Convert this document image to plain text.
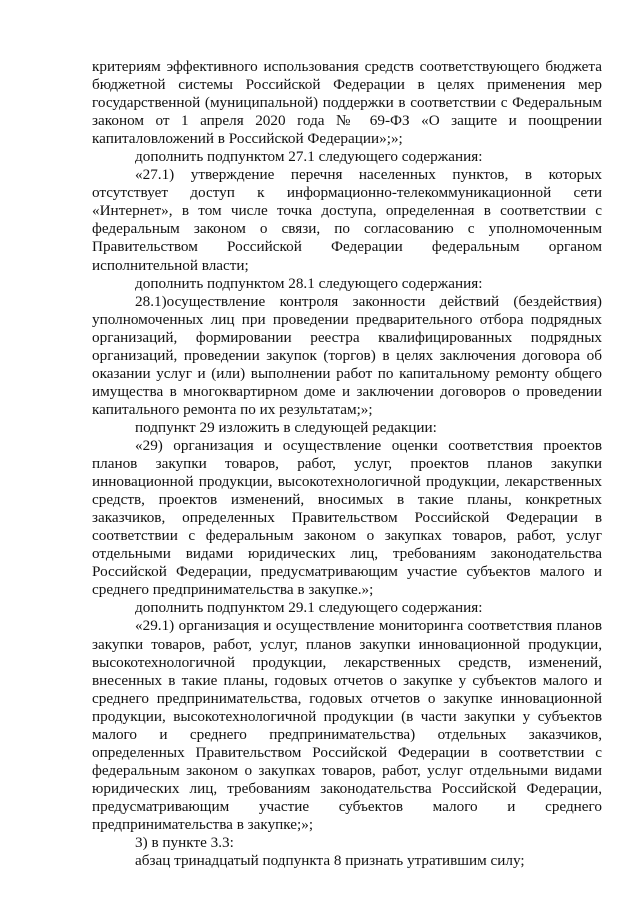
критериям эффективного использования средств соответствующего бюджета бюджетной системы Российской Федерации в целях применения мер государственной (муниципальной) поддержки в соответствии с Федеральным законом от 1 апреля 2020 года № 69-ФЗ «О защите и поощрении капиталовложений в Российской Федерации»;»;

дополнить подпунктом 27.1 следующего содержания:

«27.1) утверждение перечня населенных пунктов, в которых отсутствует доступ к информационно-телекоммуникационной сети «Интернет», в том числе точка доступа, определенная в соответствии с федеральным законом о связи, по согласованию с уполномоченным Правительством Российской Федерации федеральным органом исполнительной власти;

дополнить подпунктом 28.1 следующего содержания:

28.1)осуществление контроля законности действий (бездействия) уполномоченных лиц при проведении предварительного отбора подрядных организаций, формировании реестра квалифицированных подрядных организаций, проведении закупок (торгов) в целях заключения договора об оказании услуг и (или) выполнении работ по капитальному ремонту общего имущества в многоквартирном доме и заключении договоров о проведении капитального ремонта по их результатам;»;

подпункт 29 изложить в следующей редакции:

«29) организация и осуществление оценки соответствия проектов планов закупки товаров, работ, услуг, проектов планов закупки инновационной продукции, высокотехнологичной продукции, лекарственных средств, проектов изменений, вносимых в такие планы, конкретных заказчиков, определенных Правительством Российской Федерации в соответствии с федеральным законом о закупках товаров, работ, услуг отдельными видами юридических лиц, требованиям законодательства Российской Федерации, предусматривающим участие субъектов малого и среднего предпринимательства в закупке.»;

дополнить подпунктом 29.1 следующего содержания:

«29.1) организация и осуществление мониторинга соответствия планов закупки товаров, работ, услуг, планов закупки инновационной продукции, высокотехнологичной продукции, лекарственных средств, изменений, внесенных в такие планы, годовых отчетов о закупке у субъектов малого и среднего предпринимательства, годовых отчетов о закупке инновационной продукции, высокотехнологичной продукции (в части закупки у субъектов малого и среднего предпринимательства) отдельных заказчиков, определенных Правительством Российской Федерации в соответствии с федеральным законом о закупках товаров, работ, услуг отдельными видами юридических лиц, требованиям законодательства Российской Федерации, предусматривающим участие субъектов малого и среднего предпринимательства в закупке;»;

3) в пункте 3.3:

абзац тринадцатый подпункта 8 признать утратившим силу;
